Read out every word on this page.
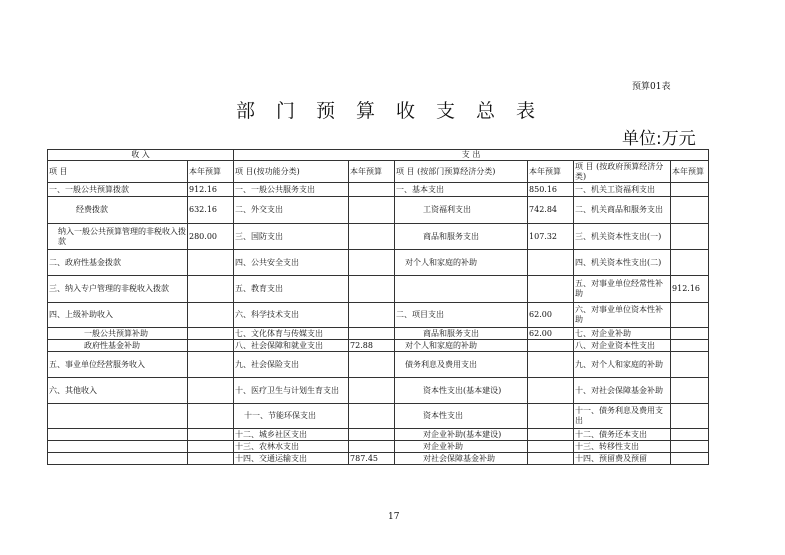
预算01表
部门预算收支总表
单位:万元
收 入		支 出					
项 目	本年预算	项 目(按功能分类)	本年预算	项 目 (按部门预算经济分类)	本年预算	项 目 (按政府预算经济分类)	本年预算
一、一般公共预算拨款	912.16	一、一般公共服务支出		一、基本支出	850.16	一、机关工资福利支出	
经费拨款	632.16	二、外交支出		工资福利支出	742.84	二、机关商品和服务支出	
纳入一般公共预算管理的非税收入拨款	280.00	三、国防支出		商品和服务支出	107.32	三、机关资本性支出(一)	
二、政府性基金拨款		四、公共安全支出		对个人和家庭的补助		四、机关资本性支出(二)	
三、纳入专户管理的非税收入拨款		五、教育支出				五、对事业单位经常性补助	912.16
四、上级补助收入		六、科学技术支出		二、项目支出	62.00	六、对事业单位资本性补助	
一般公共预算补助		七、文化体育与传媒支出		商品和服务支出	62.00	七、对企业补助	
政府性基金补助		八、社会保障和就业支出	72.88	对个人和家庭的补助		八、对企业资本性支出	
五、事业单位经营服务收入		九、社会保险支出		债务利息及费用支出		九、对个人和家庭的补助	
六、其他收入		十、医疗卫生与计划生育支出		资本性支出(基本建设)		十、对社会保障基金补助	
		十一、节能环保支出		资本性支出		十一、债务利息及费用支出	
		十二、城乡社区支出		对企业补助(基本建设)		十二、债务还本支出	
		十三、农林水支出		对企业补助		十三、转移性支出	
		十四、交通运输支出	787.45	对社会保障基金补助		十四、预留费及预留	
17
